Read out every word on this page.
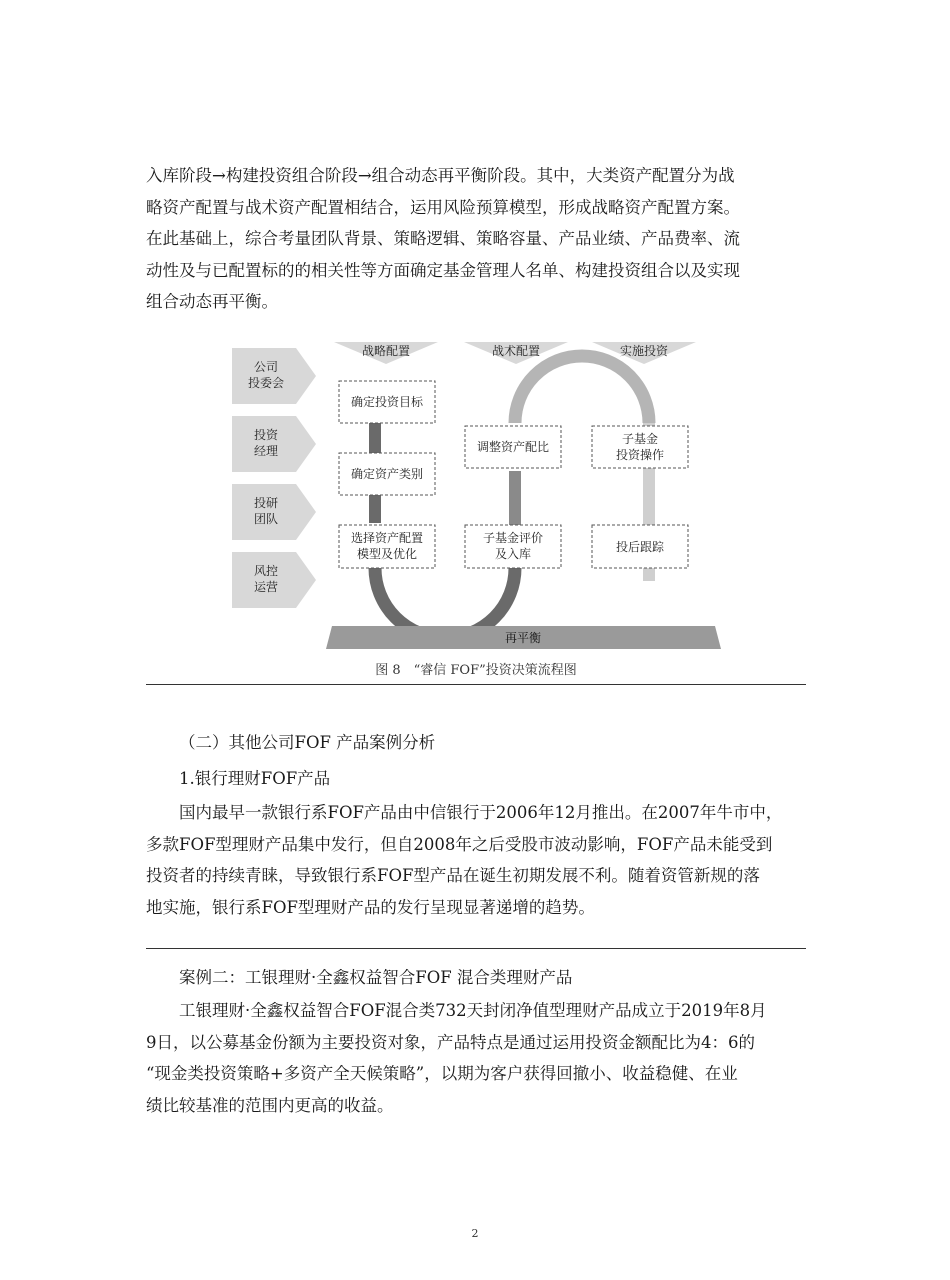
入库阶段→构建投资组合阶段→组合动态再平衡阶段。其中，大类资产配置分为战
略资产配置与战术资产配置相结合，运用风险预算模型，形成战略资产配置方案。
在此基础上，综合考量团队背景、策略逻辑、策略容量、产品业绩、产品费率、流
动性及与已配置标的的相关性等方面确定基金管理人名单、构建投资组合以及实现
组合动态再平衡。
公司
投委会
投资
经理
投研
团队
风控
运营
战略配置	战术配置	实施投资
确定投资目标
确定资产类别
选择资产配置
模型及优化
调整资产配比
子基金评价
及入库
子基金
投资操作
投后跟踪
再平衡
图 8　“睿信 FOF”投资决策流程图
（二）其他公司FOF 产品案例分析
1.银行理财FOF产品
国内最早一款银行系FOF产品由中信银行于2006年12月推出。在2007年牛市中，
多款FOF型理财产品集中发行，但自2008年之后受股市波动影响，FOF产品未能受到
投资者的持续青睐，导致银行系FOF型产品在诞生初期发展不利。随着资管新规的落
地实施，银行系FOF型理财产品的发行呈现显著递增的趋势。
案例二：工银理财·全鑫权益智合FOF 混合类理财产品
工银理财·全鑫权益智合FOF混合类732天封闭净值型理财产品成立于2019年8月
9日，以公募基金份额为主要投资对象，产品特点是通过运用投资金额配比为4：6的
“现金类投资策略+多资产全天候策略”，以期为客户获得回撤小、收益稳健、在业
绩比较基准的范围内更高的收益。
2
